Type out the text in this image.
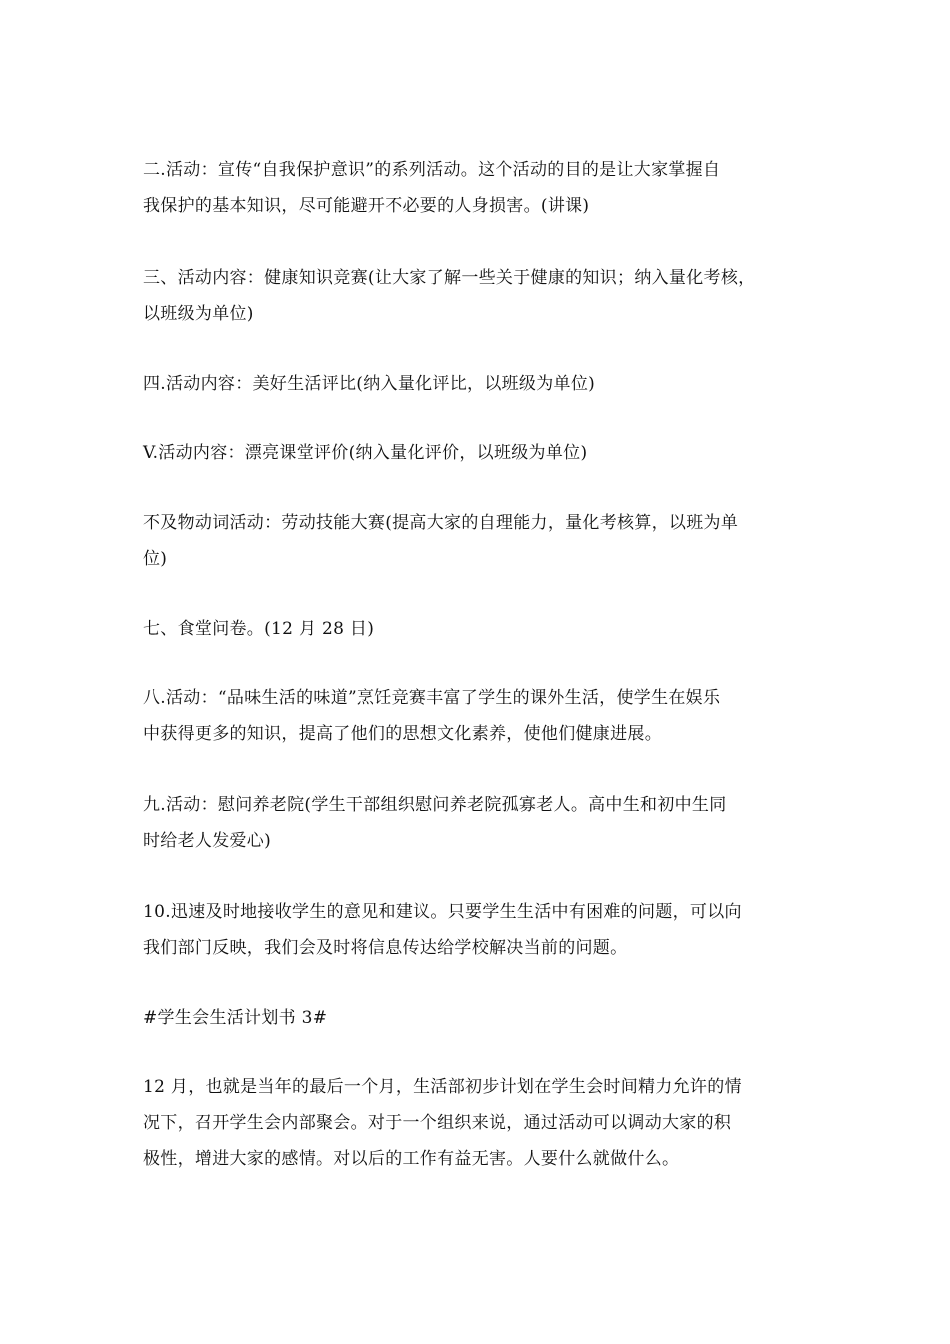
二.活动：宣传“自我保护意识”的系列活动。这个活动的目的是让大家掌握自
我保护的基本知识，尽可能避开不必要的人身损害。(讲课)
三、活动内容：健康知识竞赛(让大家了解一些关于健康的知识；纳入量化考核，
以班级为单位)
四.活动内容：美好生活评比(纳入量化评比，以班级为单位)
V.活动内容：漂亮课堂评价(纳入量化评价，以班级为单位)
不及物动词活动：劳动技能大赛(提高大家的自理能力，量化考核算，以班为单
位)
七、食堂问卷。(12 月 28 日)
八.活动：“品味生活的味道”烹饪竞赛丰富了学生的课外生活，使学生在娱乐
中获得更多的知识，提高了他们的思想文化素养，使他们健康进展。
九.活动：慰问养老院(学生干部组织慰问养老院孤寡老人。高中生和初中生同
时给老人发爱心)
10.迅速及时地接收学生的意见和建议。只要学生生活中有困难的问题，可以向
我们部门反映，我们会及时将信息传达给学校解决当前的问题。
#学生会生活计划书 3#
12 月，也就是当年的最后一个月，生活部初步计划在学生会时间精力允许的情
况下，召开学生会内部聚会。对于一个组织来说，通过活动可以调动大家的积
极性，增进大家的感情。对以后的工作有益无害。人要什么就做什么。
